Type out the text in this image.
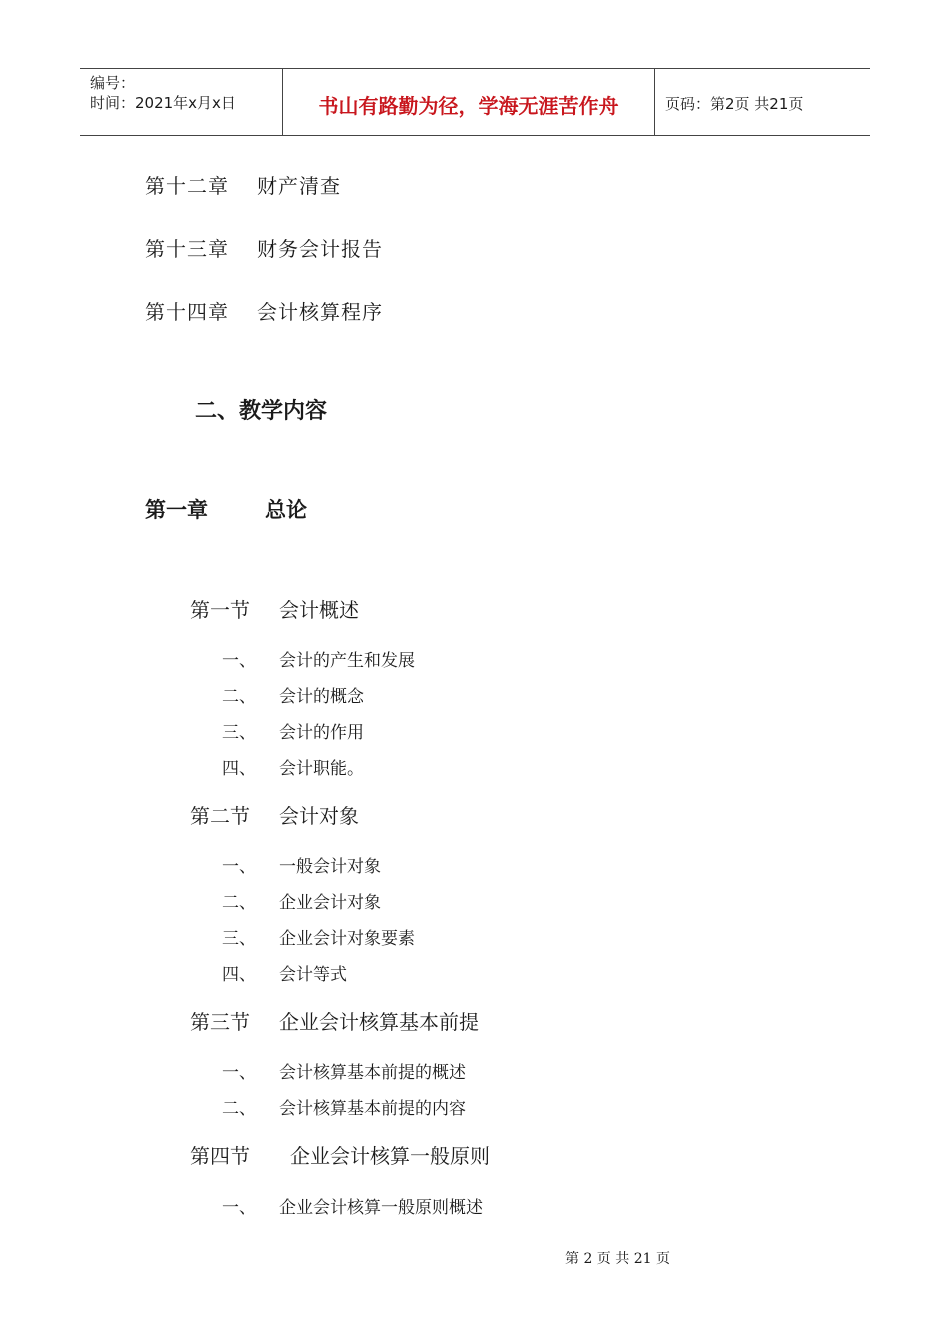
编号：
时间：2021年x月x日	书山有路勤为径，学海无涯苦作舟	页码：第2页 共21页
第十二章 财产清查
第十三章 财务会计报告
第十四章 会计核算程序
二、教学内容
第一章	总论
第一节 会计概述
一、 会计的产生和发展
二、 会计的概念
三、 会计的作用
四、 会计职能。
第二节 会计对象
一、 一般会计对象
二、 企业会计对象
三、 企业会计对象要素
四、 会计等式
第三节 企业会计核算基本前提
一、 会计核算基本前提的概述
二、 会计核算基本前提的内容
第四节 企业会计核算一般原则
一、 企业会计核算一般原则概述
第 2 页 共 21 页
